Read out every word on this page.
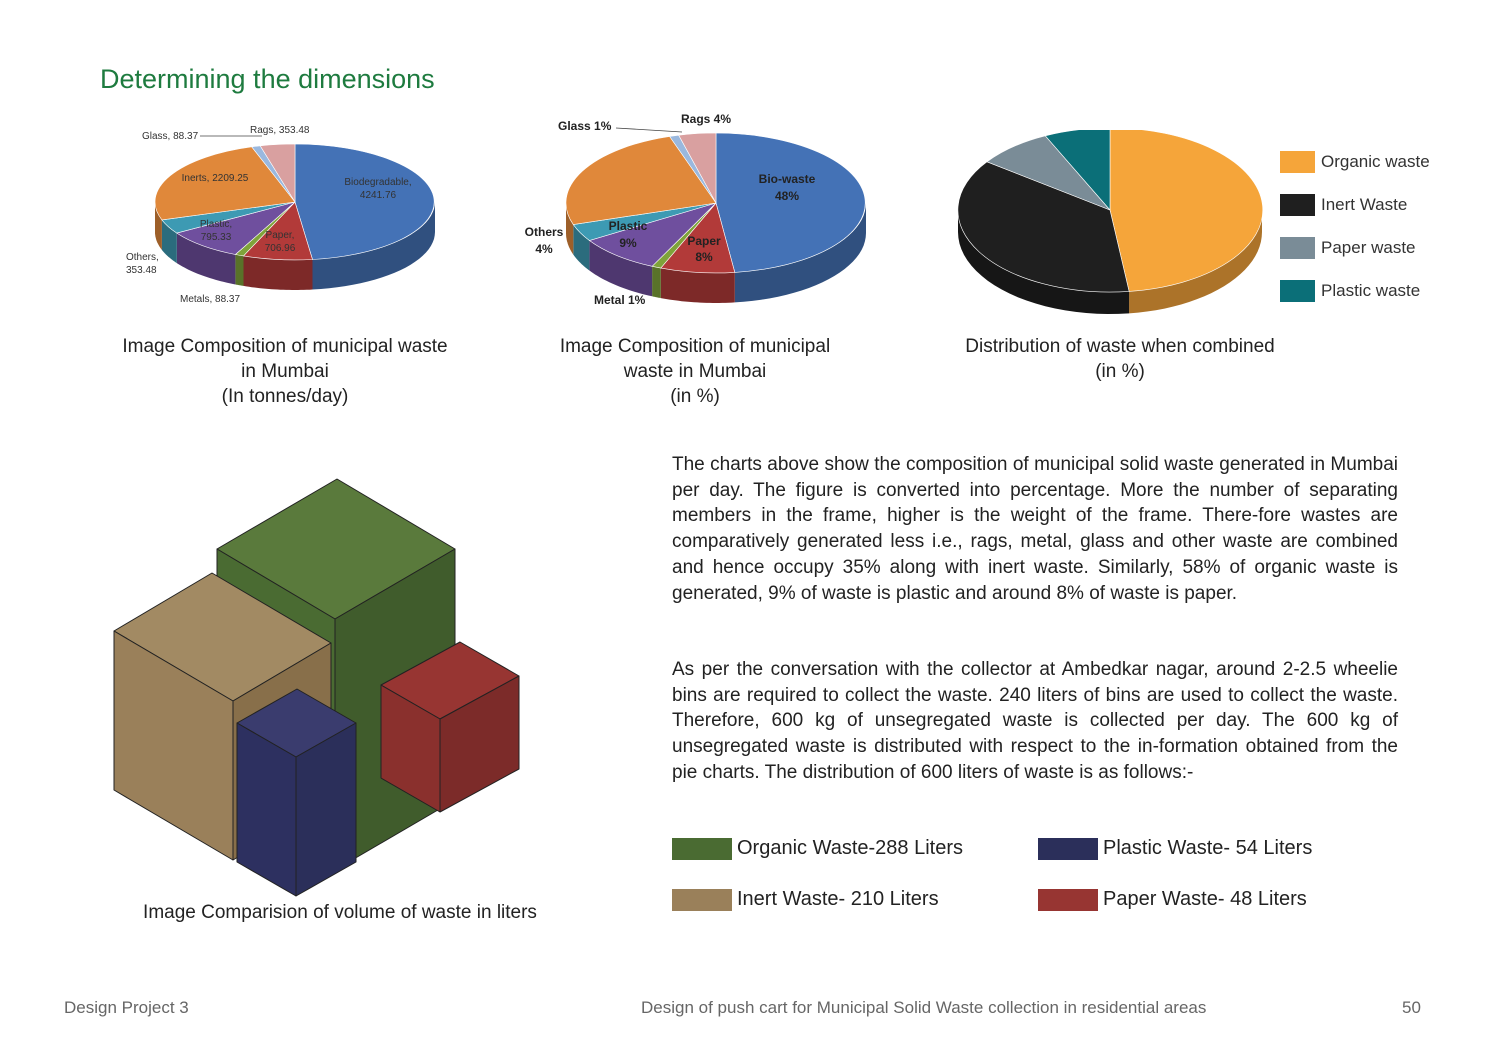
Determining the dimensions
Biodegradable,
4241.76
Paper,
706.96
Metals, 88.37
Plastic,
795.33
Others,
353.48
Inerts, 2209.25
Glass, 88.37
Rags, 353.48
Bio-waste
48%
Paper
8%
Metal 1%
Plastic
9%
Others
4%
Glass 1%	Rags 4%
Organic waste
Inert Waste
Paper waste
Plastic waste
Image Composition of municipal waste
in Mumbai
(In tonnes/day)
Image Composition of municipal
waste in Mumbai
(in %)
Distribution of waste when combined
(in %)
Image Comparision of volume of waste in liters
The charts above show the composition of municipal solid waste generated in Mumbai per day. The figure is converted into percentage. More the number of separating members in the frame, higher is the weight of the frame. There-fore wastes are comparatively generated less i.e., rags, metal, glass and other waste are combined and hence occupy 35% along with inert waste. Similarly, 58% of organic waste is generated, 9% of waste is plastic and around 8% of waste is paper.
As per the conversation with the collector at Ambedkar nagar, around 2-2.5 wheelie bins are required to collect the waste. 240 liters of bins are used to collect the waste. Therefore, 600 kg of unsegregated waste is collected per day. The 600 kg of unsegregated waste is distributed with respect to the in-formation obtained from the pie charts. The distribution of 600 liters of waste is as follows:-
Organic Waste-288 Liters	Plastic Waste- 54 Liters
Inert Waste- 210 Liters	Paper Waste- 48 Liters
Design Project 3	Design of push cart for Municipal Solid Waste collection in residential areas	50
